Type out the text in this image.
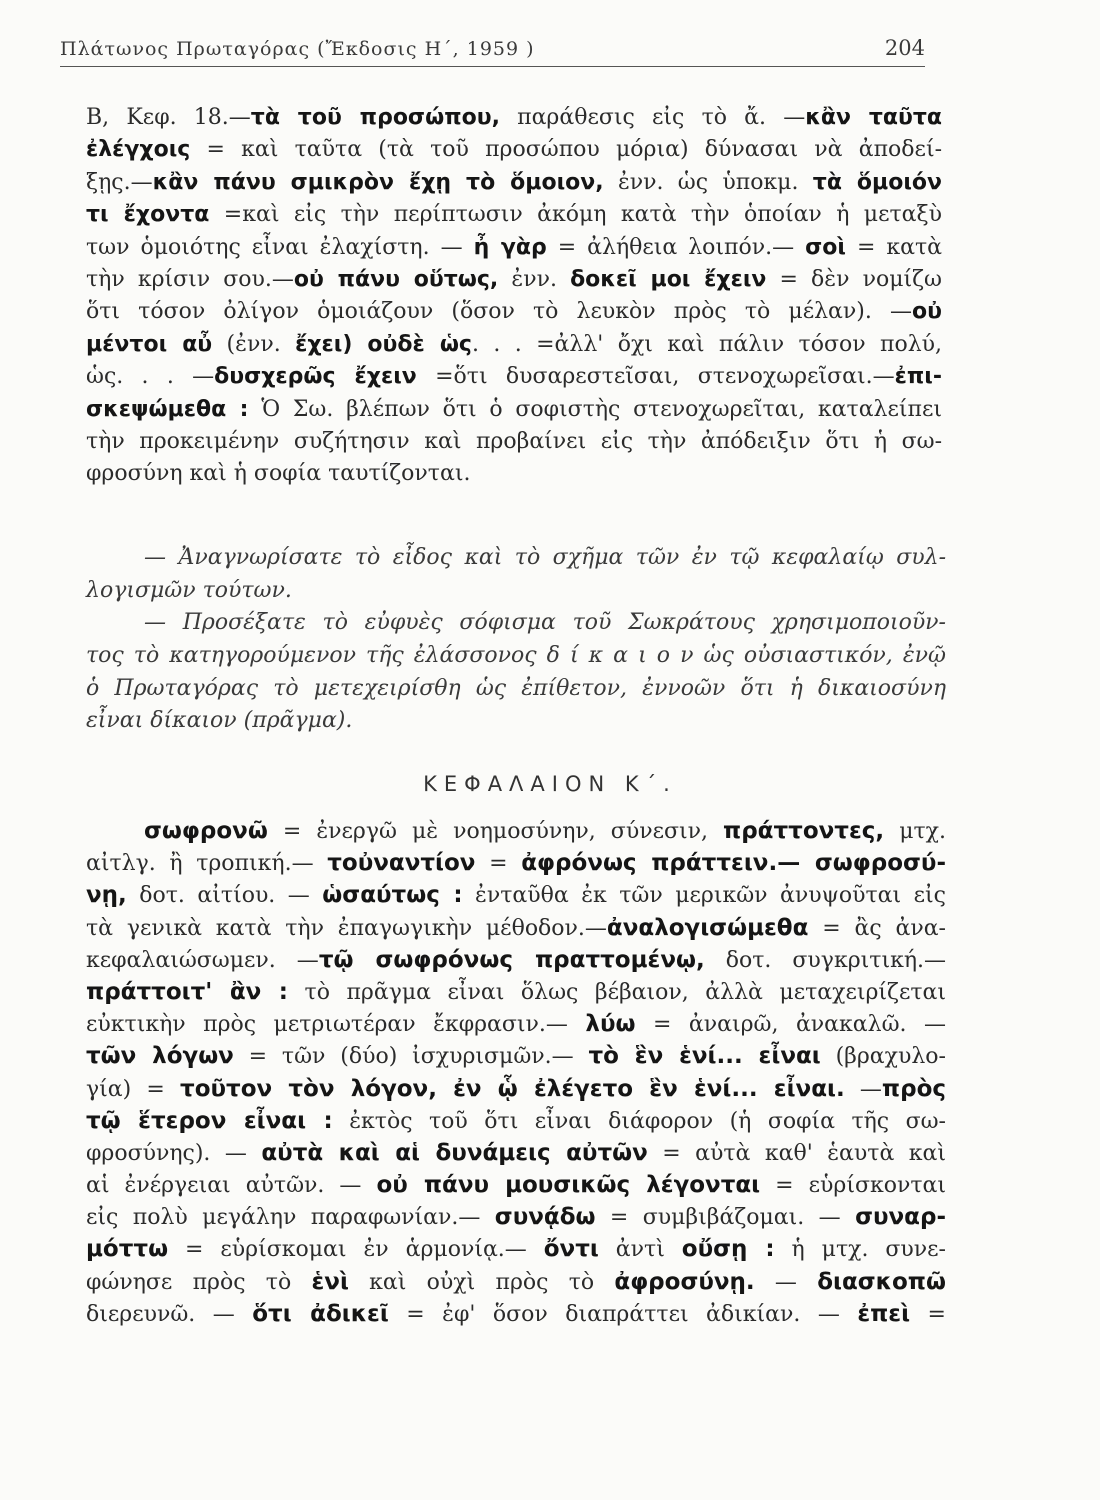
Πλάτωνος Πρωταγόρας (Ἔκδοσις Η΄, 1959 )	204
Β, Κεφ. 18.—τὰ τοῦ προσώπου, παράθεσις εἰς τὸ ἄ. —κἂν ταῦτα
ἐλέγχοις = καὶ ταῦτα (τὰ τοῦ προσώπου μόρια) δύνασαι νὰ ἀποδεί-
ξῃς.—κἂν πάνυ σμικρὸν ἔχῃ τὸ ὅμοιον, ἐνν. ὡς ὑποκμ. τὰ ὅμοιόν
τι ἔχοντα =καὶ εἰς τὴν περίπτωσιν ἀκόμη κατὰ τὴν ὁποίαν ἡ μεταξὺ
των ὁμοιότης εἶναι ἐλαχίστη. — ἦ γὰρ = ἀλήθεια λοιπόν.— σοὶ = κατὰ
τὴν κρίσιν σου.—οὐ πάνυ οὕτως, ἐνν. δοκεῖ μοι ἔχειν = δὲν νομίζω
ὅτι τόσον ὀλίγον ὁμοιάζουν (ὅσον τὸ λευκὸν πρὸς τὸ μέλαν). —οὐ
μέντοι αὖ (ἐνν. ἔχει) οὐδὲ ὡς. . . =ἀλλ' ὄχι καὶ πάλιν τόσον πολύ,
ὡς. . . —δυσχερῶς ἔχειν =ὅτι δυσαρεστεῖσαι, στενοχωρεῖσαι.—ἐπι-
σκεψώμεθα : Ὁ Σω. βλέπων ὅτι ὁ σοφιστὴς στενοχωρεῖται, καταλείπει
τὴν προκειμένην συζήτησιν καὶ προβαίνει εἰς τὴν ἀπόδειξιν ὅτι ἡ σω-
φροσύνη καὶ ἡ σοφία ταυτίζονται.
— Ἀναγνωρίσατε τὸ εἶδος καὶ τὸ σχῆμα τῶν ἐν τῷ κεφαλαίῳ συλ-
λογισμῶν τούτων.
— Προσέξατε τὸ εὐφυὲς σόφισμα τοῦ Σωκράτους χρησιμοποιοῦν-
τος τὸ κατηγορούμενον τῆς ἐλάσσονος δ ί κ α ι ο ν ὡς οὐσιαστικόν, ἐνῷ
ὁ Πρωταγόρας τὸ μετεχειρίσθη ὡς ἐπίθετον, ἐννοῶν ὅτι ἡ δικαιοσύνη
εἶναι δίκαιον (πρᾶγμα).
ΚΕΦΑΛΑΙΟΝ Κ΄.
σωφρονῶ = ἐνεργῶ μὲ νοημοσύνην, σύνεσιν, πράττοντες, μτχ.
αἰτλγ. ἢ τροπική.— τοὐναντίον = ἀφρόνως πράττειν.— σωφροσύ-
νῃ, δοτ. αἰτίου. — ὡσαύτως : ἐνταῦθα ἐκ τῶν μερικῶν ἀνυψοῦται εἰς
τὰ γενικὰ κατὰ τὴν ἐπαγωγικὴν μέθοδον.—ἀναλογισώμεθα = ἂς ἀνα-
κεφαλαιώσωμεν. —τῷ σωφρόνως πραττομένῳ, δοτ. συγκριτική.—
πράττοιτ' ἂν : τὸ πρᾶγμα εἶναι ὅλως βέβαιον, ἀλλὰ μεταχειρίζεται
εὐκτικὴν πρὸς μετριωτέραν ἔκφρασιν.— λύω = ἀναιρῶ, ἀνακαλῶ. —
τῶν λόγων = τῶν (δύο) ἰσχυρισμῶν.— τὸ ἓν ἑνί... εἶναι (βραχυλο-
γία) = τοῦτον τὸν λόγον, ἐν ᾧ ἐλέγετο ἓν ἑνί... εἶναι. —πρὸς
τῷ ἕτερον εἶναι : ἐκτὸς τοῦ ὅτι εἶναι διάφορον (ἡ σοφία τῆς σω-
φροσύνης). — αὐτὰ καὶ αἱ δυνάμεις αὐτῶν = αὐτὰ καθ' ἑαυτὰ καὶ
αἱ ἐνέργειαι αὐτῶν. — οὐ πάνυ μουσικῶς λέγονται = εὑρίσκονται
εἰς πολὺ μεγάλην παραφωνίαν.— συνᾴδω = συμβιβάζομαι. — συναρ-
μόττω = εὑρίσκομαι ἐν ἁρμονίᾳ.— ὄντι ἀντὶ οὔσῃ : ἡ μτχ. συνε-
φώνησε πρὸς τὸ ἑνὶ καὶ οὐχὶ πρὸς τὸ ἀφροσύνῃ. — διασκοπῶ
διερευνῶ. — ὅτι ἀδικεῖ = ἐφ' ὅσον διαπράττει ἀδικίαν. — ἐπεὶ =
